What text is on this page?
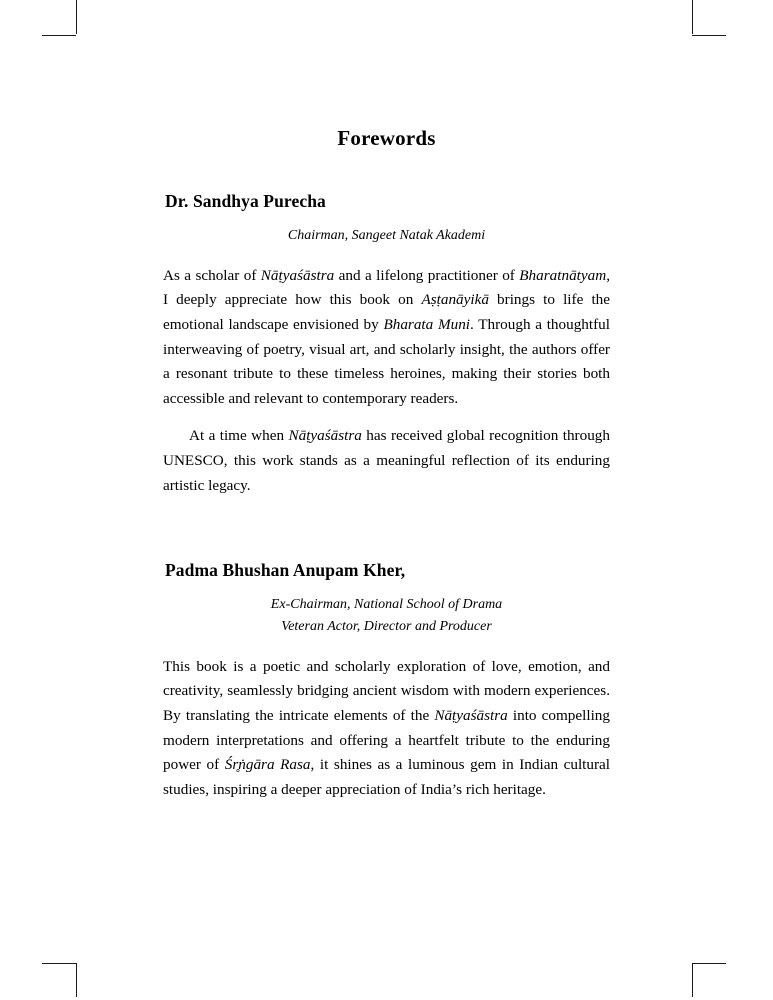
Forewords
Dr. Sandhya Purecha

Chairman, Sangeet Natak Akademi

As a scholar of Nāṭyaśāstra and a lifelong practitioner of Bharatnātyam, I deeply appreciate how this book on Aṣṭanāyikā brings to life the emotional landscape envisioned by Bharata Muni. Through a thoughtful interweaving of poetry, visual art, and scholarly insight, the authors offer a resonant tribute to these timeless heroines, making their stories both accessible and relevant to contemporary readers.

At a time when Nāṭyaśāstra has received global recognition through UNESCO, this work stands as a meaningful reflection of its enduring artistic legacy.

Padma Bhushan Anupam Kher,

Ex-Chairman, National School of Drama

Veteran Actor, Director and Producer

This book is a poetic and scholarly exploration of love, emotion, and creativity, seamlessly bridging ancient wisdom with modern experiences. By translating the intricate elements of the Nāṭyaśāstra into compelling modern interpretations and offering a heartfelt tribute to the enduring power of Śr̥ṅgāra Rasa, it shines as a luminous gem in Indian cultural studies, inspiring a deeper appreciation of India’s rich heritage.
